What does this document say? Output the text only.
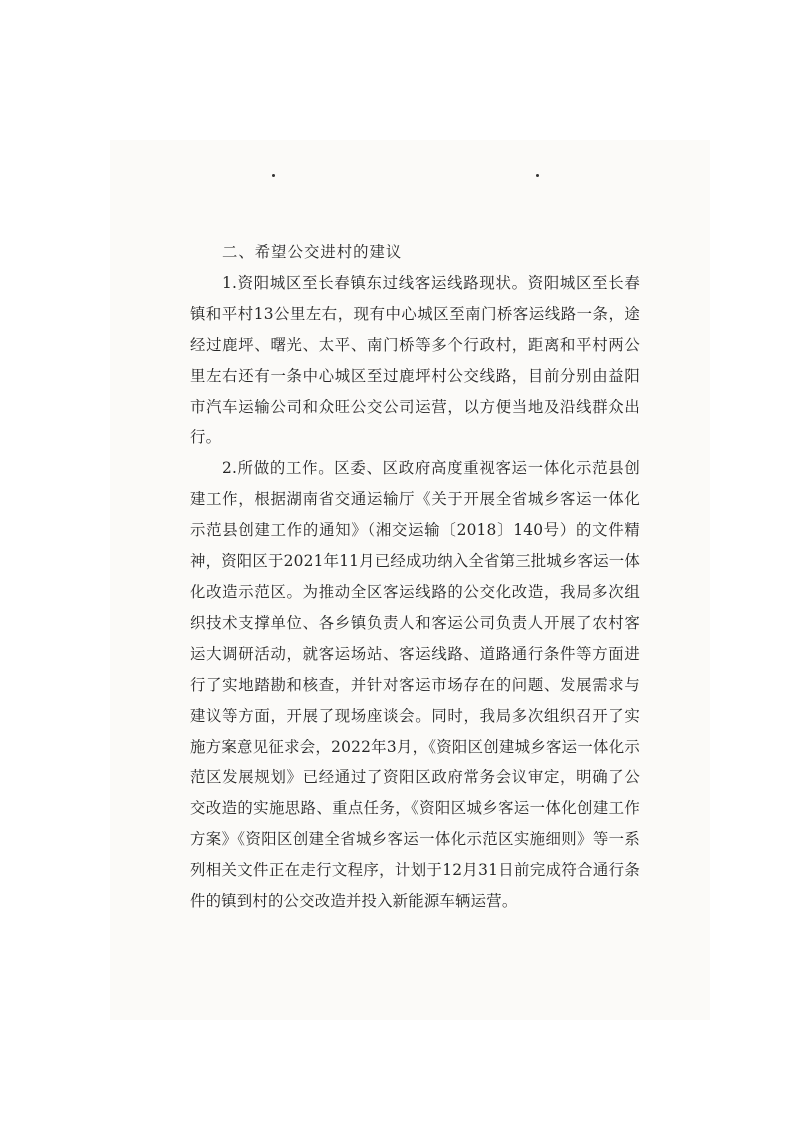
二、希望公交进村的建议

1.资阳城区至长春镇东过线客运线路现状。资阳城区至长春镇和平村13公里左右，现有中心城区至南门桥客运线路一条，途经过鹿坪、曙光、太平、南门桥等多个行政村，距离和平村两公里左右还有一条中心城区至过鹿坪村公交线路，目前分别由益阳市汽车运输公司和众旺公交公司运营，以方便当地及沿线群众出行。

2.所做的工作。区委、区政府高度重视客运一体化示范县创建工作，根据湖南省交通运输厅《关于开展全省城乡客运一体化示范县创建工作的通知》（湘交运输〔2018〕140号）的文件精神，资阳区于2021年11月已经成功纳入全省第三批城乡客运一体化改造示范区。为推动全区客运线路的公交化改造，我局多次组织技术支撑单位、各乡镇负责人和客运公司负责人开展了农村客运大调研活动，就客运场站、客运线路、道路通行条件等方面进行了实地踏勘和核查，并针对客运市场存在的问题、发展需求与建议等方面，开展了现场座谈会。同时，我局多次组织召开了实施方案意见征求会，2022年3月，《资阳区创建城乡客运一体化示范区发展规划》已经通过了资阳区政府常务会议审定，明确了公交改造的实施思路、重点任务，《资阳区城乡客运一体化创建工作方案》《资阳区创建全省城乡客运一体化示范区实施细则》等一系列相关文件正在走行文程序，计划于12月31日前完成符合通行条件的镇到村的公交改造并投入新能源车辆运营。
